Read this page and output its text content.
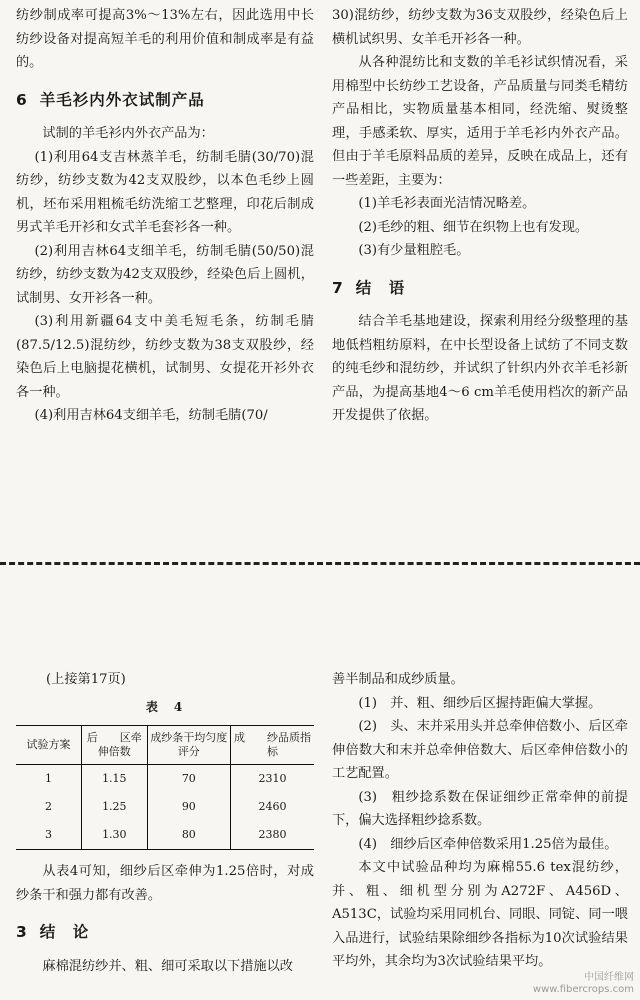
纺纱制成率可提高3%～13%左右，因此选用中长纺纱设备对提高短羊毛的利用价值和制成率是有益的。

6 羊毛衫内外衣试制产品

试制的羊毛衫内外衣产品为：

(1)利用64支吉林蒸羊毛，纺制毛腈(30/70)混纺纱，纺纱支数为42支双股纱，以本色毛纱上圆机，坯布采用粗梳毛纺洗缩工艺整理，印花后制成男式羊毛开衫和女式羊毛套衫各一种。

(2)利用吉林64支细羊毛，纺制毛腈(50/50)混纺纱，纺纱支数为42支双股纱，经染色后上圆机，试制男、女开衫各一种。

(3)利用新疆64支中美毛短毛条，纺制毛腈(87.5/12.5)混纺纱，纺纱支数为38支双股纱，经染色后上电脑提花横机，试制男、女提花开衫外衣各一种。

(4)利用吉林64支细羊毛，纺制毛腈(70/

30)混纺纱，纺纱支数为36支双股纱，经染色后上横机试织男、女羊毛开衫各一种。

从各种混纺比和支数的羊毛衫试织情况看，采用棉型中长纺纱工艺设备，产品质量与同类毛精纺产品相比，实物质量基本相同，经洗缩、熨烫整理，手感柔软、厚实，适用于羊毛衫内外衣产品。但由于羊毛原料品质的差异，反映在成品上，还有一些差距，主要为：

(1)羊毛衫表面光洁情况略差。

(2)毛纱的粗、细节在织物上也有发现。

(3)有少量粗腔毛。

7 结　语

结合羊毛基地建设，探索利用经分级整理的基地低档粗纺原料，在中长型设备上试纺了不同支数的纯毛纱和混纺纱，并试织了针织内外衣羊毛衫新产品，为提高基地4～6 cm羊毛使用档次的新产品开发提供了依据。

(上接第17页)

表　4

试验方案	后　　区牵伸倍数	成纱条干均匀度评分	成　　纱品质指标
1	1.15	70	2310
2	1.25	90	2460
3	1.30	80	2380

从表4可知，细纱后区牵伸为1.25倍时，对成纱条干和强力都有改善。

3 结　论

麻棉混纺纱并、粗、细可采取以下措施以改

善半制品和成纱质量。

(1)　并、粗、细纱后区握持距偏大掌握。

(2)　头、末并采用头并总牵伸倍数小、后区牵伸倍数大和末并总牵伸倍数大、后区牵伸倍数小的工艺配置。

(3)　粗纱捻系数在保证细纱正常牵伸的前提下，偏大选择粗纱捻系数。

(4)　细纱后区牵伸倍数采用1.25倍为最佳。

本文中试验品种均为麻棉55.6 tex混纺纱，并、粗、细机型分别为A272F、A456D、A513C，试验均采用同机台、同眼、同锭、同一喂入品进行，试验结果除细纱各指标为10次试验结果平均外，其余均为3次试验结果平均。

中国纤维网
www.fibercrops.com
